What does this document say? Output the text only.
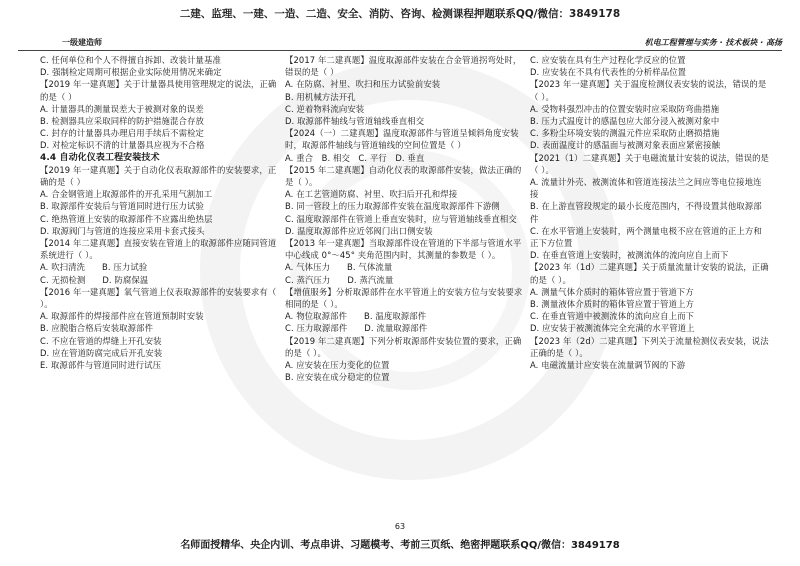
二建、监理、一建、一造、二造、安全、消防、咨询、检测课程押题联系QQ/微信：3849178
一级建造师	机电工程管理与实务 · 技术板块 · 高扬

C. 任何单位和个人不得擅自拆卸、改装计量基准

D. 强制检定周期可根据企业实际使用情况来确定

【2019 年一建真题】关于计量器具使用管理规定的说法，正确的是（ ）

A. 计量器具的测量误差大于被测对象的误差

B. 检测器具应采取同样的防护措施混合存放

C. 封存的计量器具办理启用手续后不需检定

D. 对检定标识不清的计量器具应视为不合格

4.4 自动化仪表工程安装技术

【2019 年一建真题】关于自动化仪表取源部件的安装要求，正确的是（ ）

A. 合金钢管道上取源部件的开孔采用气割加工

B. 取源部件安装后与管道同时进行压力试验

C. 绝热管道上安装的取源部件不应露出绝热层

D. 取源阀门与管道的连接应采用卡套式接头

【2014 年二建真题】直接安装在管道上的取源部件应随同管道系统进行（ ）。

A. 吹扫清洗　　B. 压力试验

C. 无损检测　　D. 防腐保温

【2016 年一建真题】氧气管道上仪表取源部件的安装要求有（ ）。

A. 取源部件的焊接部件应在管道预制时安装

B. 应脱脂合格后安装取源部件

C. 不应在管道的焊缝上开孔安装

D. 应在管道防腐完成后开孔安装

E. 取源部件与管道同时进行试压

【2017 年二建真题】温度取源部件安装在合金管道拐弯处时，错误的是（ ）

A. 在防腐、衬里、吹扫和压力试验前安装

B. 用机械方法开孔

C. 逆着物料流向安装

D. 取源部件轴线与管道轴线垂直相交

【2024（一）二建真题】温度取源部件与管道呈倾斜角度安装时，取源部件轴线与管道轴线的空间位置是（ ）

A. 重合　B. 相交　C. 平行　D. 垂直

【2015 年二建真题】自动化仪表的取源部件安装，做法正确的是（ ）。

A. 在工艺管道防腐、衬里、吹扫后开孔和焊接

B. 同一管段上的压力取源部件安装在温度取源部件下游侧

C. 温度取源部件在管道上垂直安装时，应与管道轴线垂直相交

D. 温度取源部件应近邻阀门出口侧安装

【2013 年一建真题】当取源部件设在管道的下半部与管道水平中心线成 0°～45° 夹角范围内时，其测量的参数是（ ）。

A. 气体压力　　B. 气体流量

C. 蒸汽压力　　D. 蒸汽流量

【增值服务】分析取源部件在水平管道上的安装方位与安装要求相同的是（ ）。

A. 物位取源部件　　B. 温度取源部件

C. 压力取源部件　　D. 流量取源部件

【2019 年二建真题】下列分析取源部件安装位置的要求，正确的是（ ）。

A. 应安装在压力变化的位置

B. 应安装在成分稳定的位置

C. 应安装在具有生产过程化学反应的位置

D. 应安装在不具有代表性的分析样品位置

【2023 年一建真题】关于温度检测仪表安装的说法，错误的是（ ）。

A. 受物料强烈冲击的位置安装时应采取防弯曲措施

B. 压力式温度计的感温包应大部分浸入被测对象中

C. 多粉尘环境安装的测温元件应采取防止磨损措施

D. 表面温度计的感温面与被测对象表面应紧密接触

【2021（1）二建真题】关于电磁流量计安装的说法，错误的是（ ）。

A. 流量计外壳、被测流体和管道连接法兰之间应等电位接地连接

B. 在上游直管段规定的最小长度范围内，不得设置其他取源部件

C. 在水平管道上安装时，两个测量电极不应在管道的正上方和正下方位置

D. 在垂直管道上安装时，被测流体的流向应自上而下

【2023 年（1d）二建真题】关于质量流量计安装的说法，正确的是（ ）。

A. 测量气体介质时的箱体管应置于管道下方

B. 测量液体介质时的箱体管应置于管道上方

C. 在垂直管道中被测流体的流向应自上而下

D. 应安装于被测流体完全充满的水平管道上

【2023 年（2d）二建真题】下列关于流量检测仪表安装，说法正确的是（ ）。

A. 电磁流量计应安装在流量调节阀的下游

63
名师面授精华、央企内训、考点串讲、习题模考、考前三页纸、绝密押题联系QQ/微信：3849178
